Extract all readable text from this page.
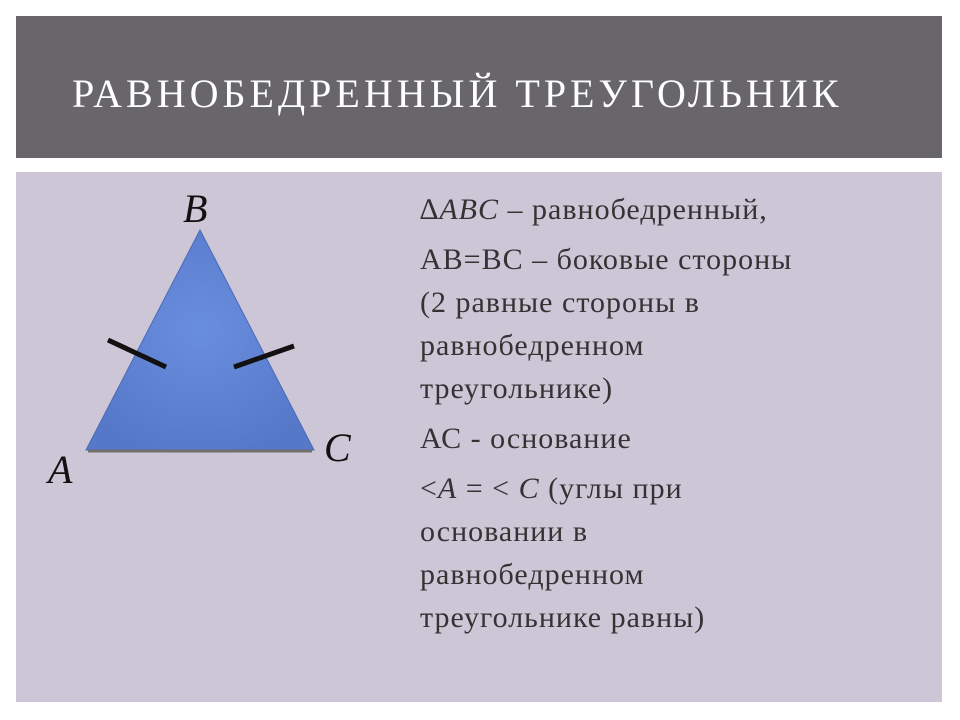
РАВНОБЕДРЕННЫЙ ТРЕУГОЛЬНИК
B
A	C

∆ABC – равнобедренный,

АВ=ВС – боковые стороны
(2 равные стороны в
равнобедренном
треугольнике)

АС - основание

<A = < C (углы при
основании в
равнобедренном
треугольнике равны)
